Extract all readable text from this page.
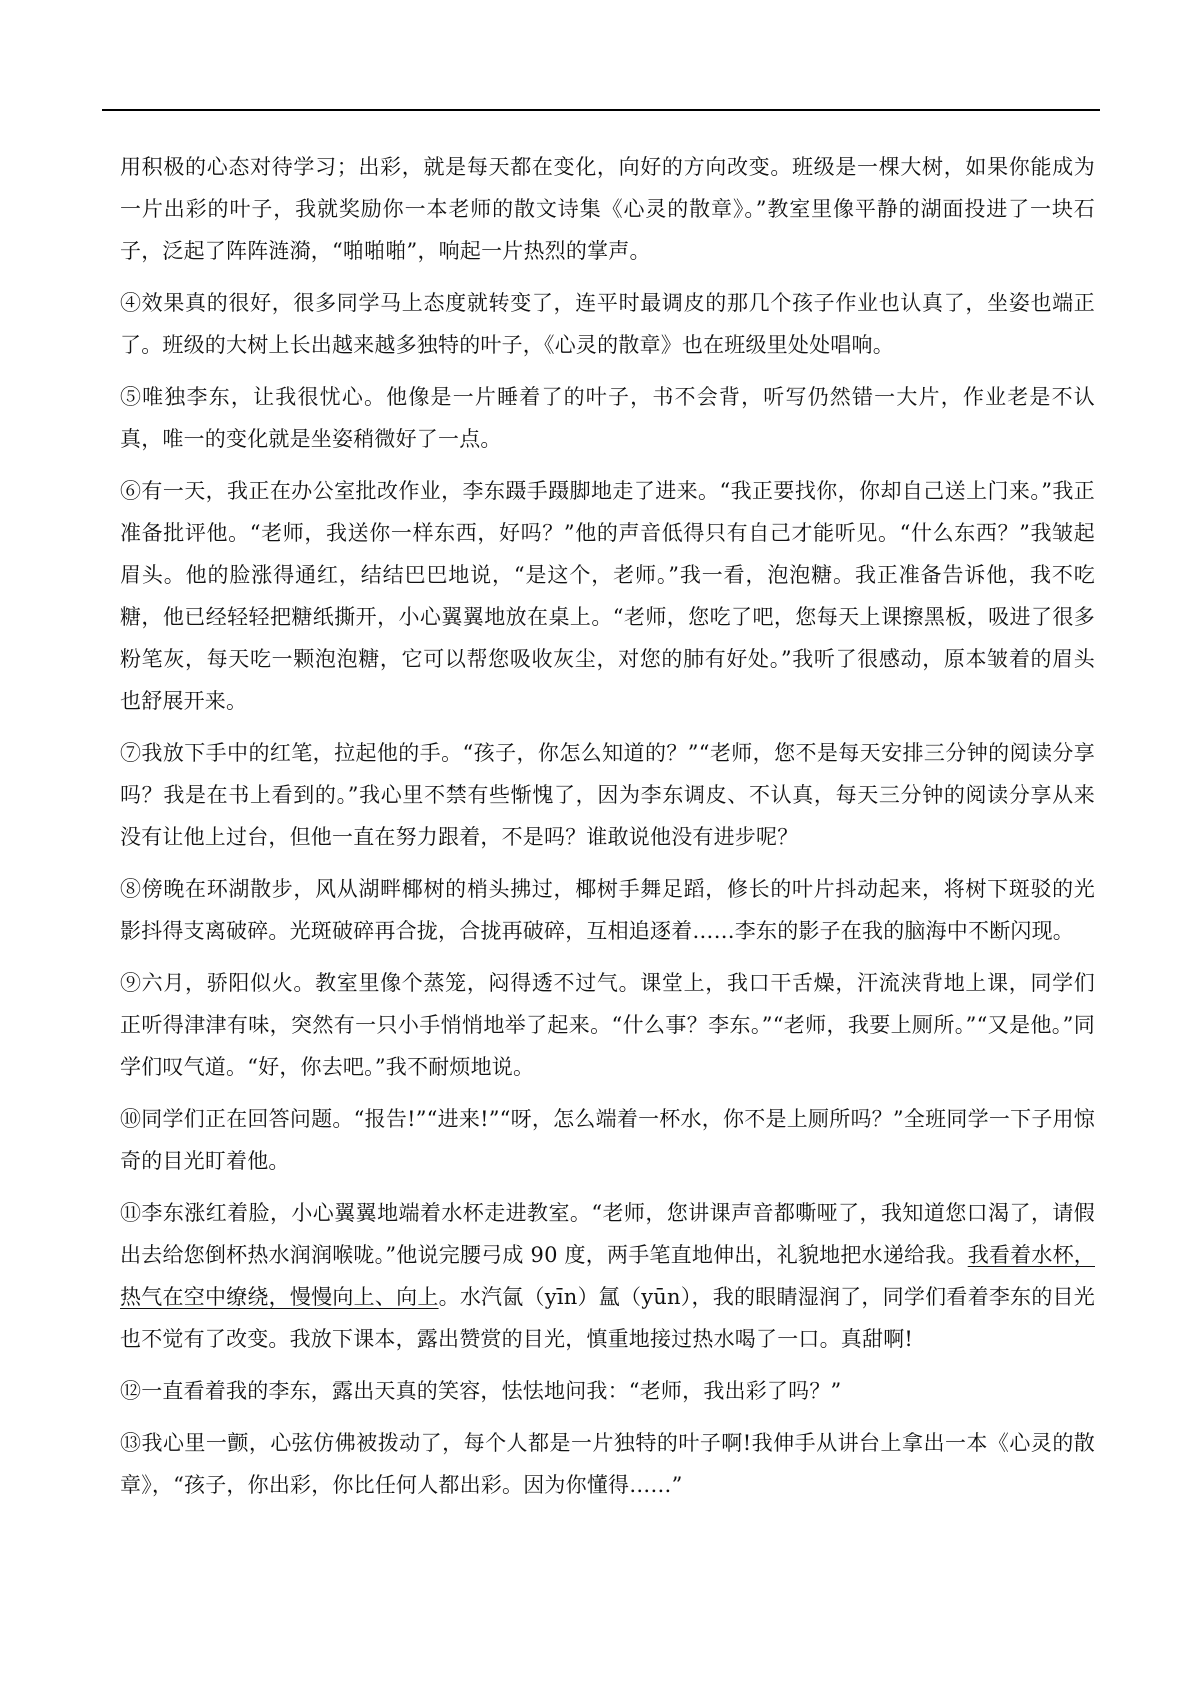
用积极的心态对待学习；出彩，就是每天都在变化，向好的方向改变。班级是一棵大树，如果你能成为一片出彩的叶子，我就奖励你一本老师的散文诗集《心灵的散章》。”教室里像平静的湖面投进了一块石子，泛起了阵阵涟漪，“啪啪啪”，响起一片热烈的掌声。

④效果真的很好，很多同学马上态度就转变了，连平时最调皮的那几个孩子作业也认真了，坐姿也端正了。班级的大树上长出越来越多独特的叶子，《心灵的散章》也在班级里处处唱响。

⑤唯独李东，让我很忧心。他像是一片睡着了的叶子，书不会背，听写仍然错一大片，作业老是不认真，唯一的变化就是坐姿稍微好了一点。

⑥有一天，我正在办公室批改作业，李东蹑手蹑脚地走了进来。“我正要找你，你却自己送上门来。”我正准备批评他。“老师，我送你一样东西，好吗？”他的声音低得只有自己才能听见。“什么东西？”我皱起眉头。他的脸涨得通红，结结巴巴地说，“是这个，老师。”我一看，泡泡糖。我正准备告诉他，我不吃糖，他已经轻轻把糖纸撕开，小心翼翼地放在桌上。“老师，您吃了吧，您每天上课擦黑板，吸进了很多粉笔灰，每天吃一颗泡泡糖，它可以帮您吸收灰尘，对您的肺有好处。”我听了很感动，原本皱着的眉头也舒展开来。

⑦我放下手中的红笔，拉起他的手。“孩子，你怎么知道的？”“老师，您不是每天安排三分钟的阅读分享吗？我是在书上看到的。”我心里不禁有些惭愧了，因为李东调皮、不认真，每天三分钟的阅读分享从来没有让他上过台，但他一直在努力跟着，不是吗？谁敢说他没有进步呢？

⑧傍晚在环湖散步，风从湖畔椰树的梢头拂过，椰树手舞足蹈，修长的叶片抖动起来，将树下斑驳的光影抖得支离破碎。光斑破碎再合拢，合拢再破碎，互相追逐着……李东的影子在我的脑海中不断闪现。

⑨六月，骄阳似火。教室里像个蒸笼，闷得透不过气。课堂上，我口干舌燥，汗流浃背地上课，同学们正听得津津有味，突然有一只小手悄悄地举了起来。“什么事？李东。”“老师，我要上厕所。”“又是他。”同学们叹气道。“好，你去吧。”我不耐烦地说。

⑩同学们正在回答问题。“报告!”“进来!”“呀，怎么端着一杯水，你不是上厕所吗？”全班同学一下子用惊奇的目光盯着他。

⑪李东涨红着脸，小心翼翼地端着水杯走进教室。“老师，您讲课声音都嘶哑了，我知道您口渴了，请假出去给您倒杯热水润润喉咙。”他说完腰弓成 90 度，两手笔直地伸出，礼貌地把水递给我。我看着水杯，热气在空中缭绕，慢慢向上、向上。水汽氤（yīn）氲（yūn），我的眼睛湿润了，同学们看着李东的目光也不觉有了改变。我放下课本，露出赞赏的目光，慎重地接过热水喝了一口。真甜啊!

⑫一直看着我的李东，露出天真的笑容，怯怯地问我：“老师，我出彩了吗？”

⑬我心里一颤，心弦仿佛被拨动了，每个人都是一片独特的叶子啊!我伸手从讲台上拿出一本《心灵的散章》，“孩子，你出彩，你比任何人都出彩。因为你懂得……”
